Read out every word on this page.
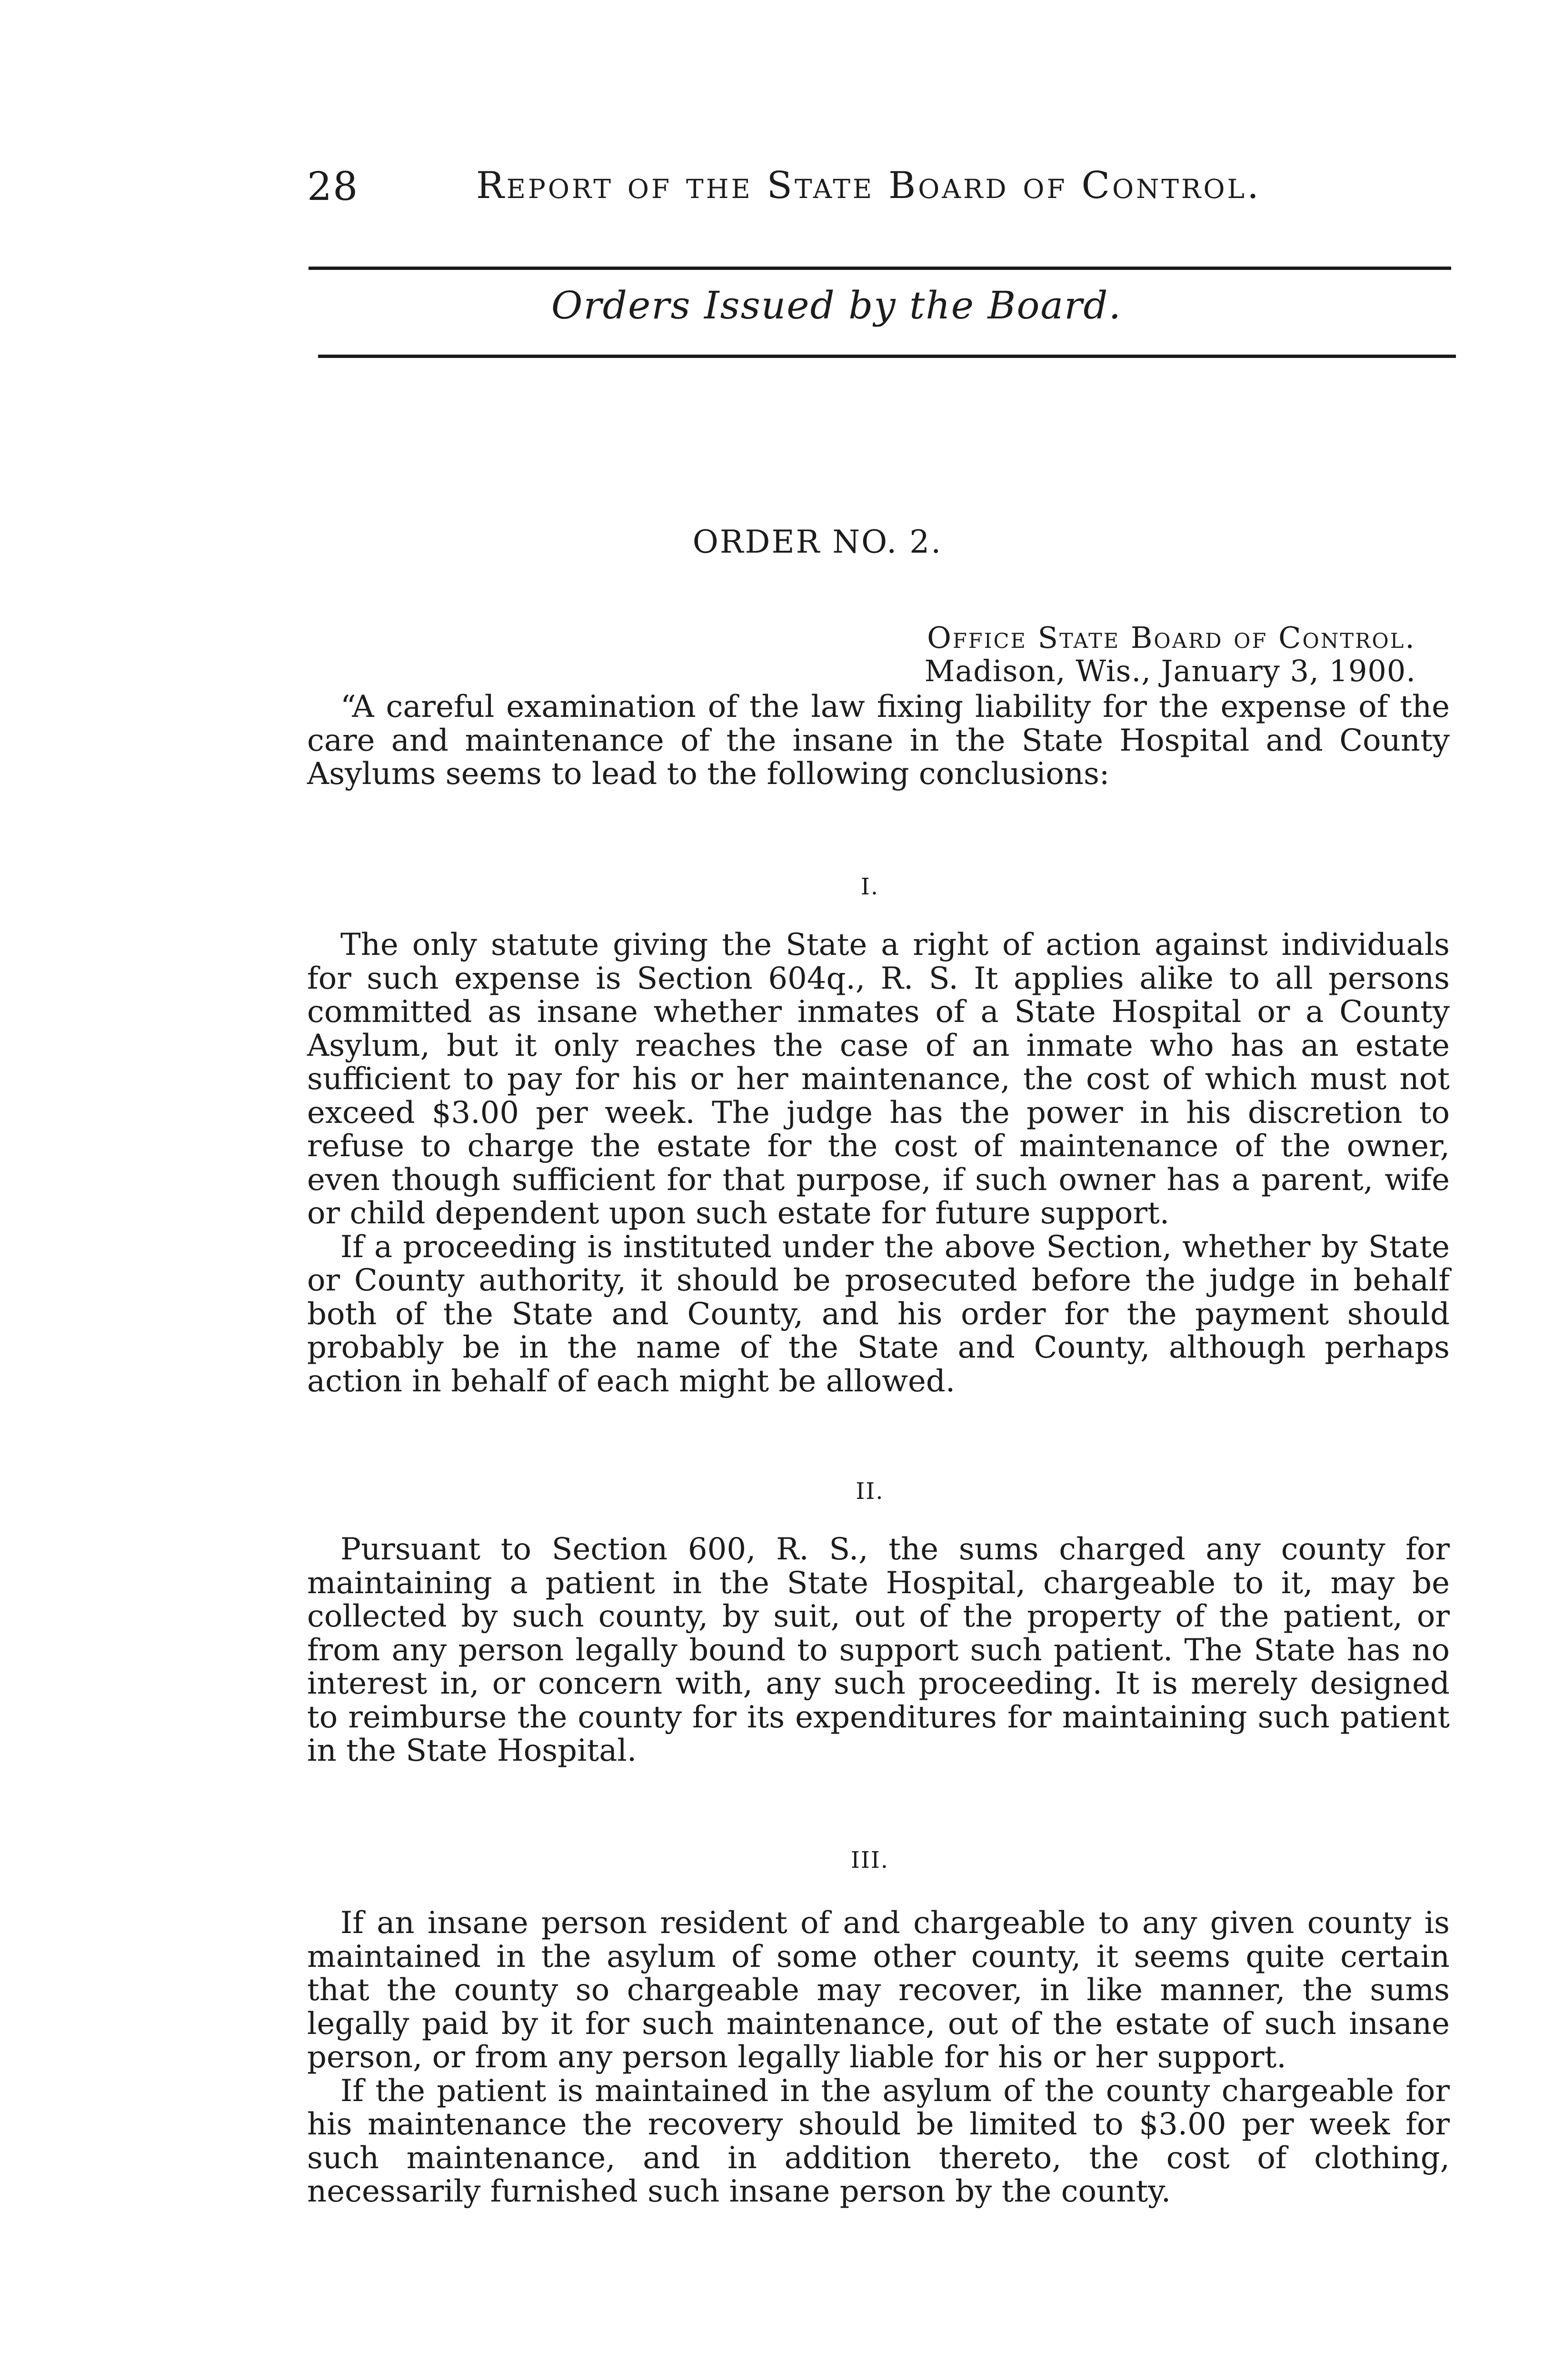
28	Report of the State Board of Control.
Orders Issued by the Board.
ORDER NO. 2.
Office State Board of Control.
Madison, Wis., January 3, 1900.

“A careful examination of the law fixing liability for the expense of the care and maintenance of the insane in the State Hospital and County Asylums seems to lead to the following conclusions:

I.

The only statute giving the State a right of action against individuals for such expense is Section 604q., R. S. It applies alike to all persons committed as insane whether inmates of a State Hospital or a County Asylum, but it only reaches the case of an inmate who has an estate sufficient to pay for his or her maintenance, the cost of which must not exceed $3.00 per week. The judge has the power in his discretion to refuse to charge the estate for the cost of maintenance of the owner, even though sufficient for that purpose, if such owner has a parent, wife or child dependent upon such estate for future support.

If a proceeding is instituted under the above Section, whether by State or County authority, it should be prosecuted before the judge in behalf both of the State and County, and his order for the payment should probably be in the name of the State and County, although perhaps action in behalf of each might be allowed.

II.

Pursuant to Section 600, R. S., the sums charged any county for maintaining a patient in the State Hospital, chargeable to it, may be collected by such county, by suit, out of the property of the patient, or from any person legally bound to support such patient. The State has no interest in, or concern with, any such proceeding. It is merely designed to reimburse the county for its expenditures for maintaining such patient in the State Hospital.

III.

If an insane person resident of and chargeable to any given county is maintained in the asylum of some other county, it seems quite certain that the county so chargeable may recover, in like manner, the sums legally paid by it for such maintenance, out of the estate of such insane person, or from any person legally liable for his or her support.

If the patient is maintained in the asylum of the county chargeable for his maintenance the recovery should be limited to $3.00 per week for such maintenance, and in addition thereto, the cost of clothing, necessarily furnished such insane person by the county.
